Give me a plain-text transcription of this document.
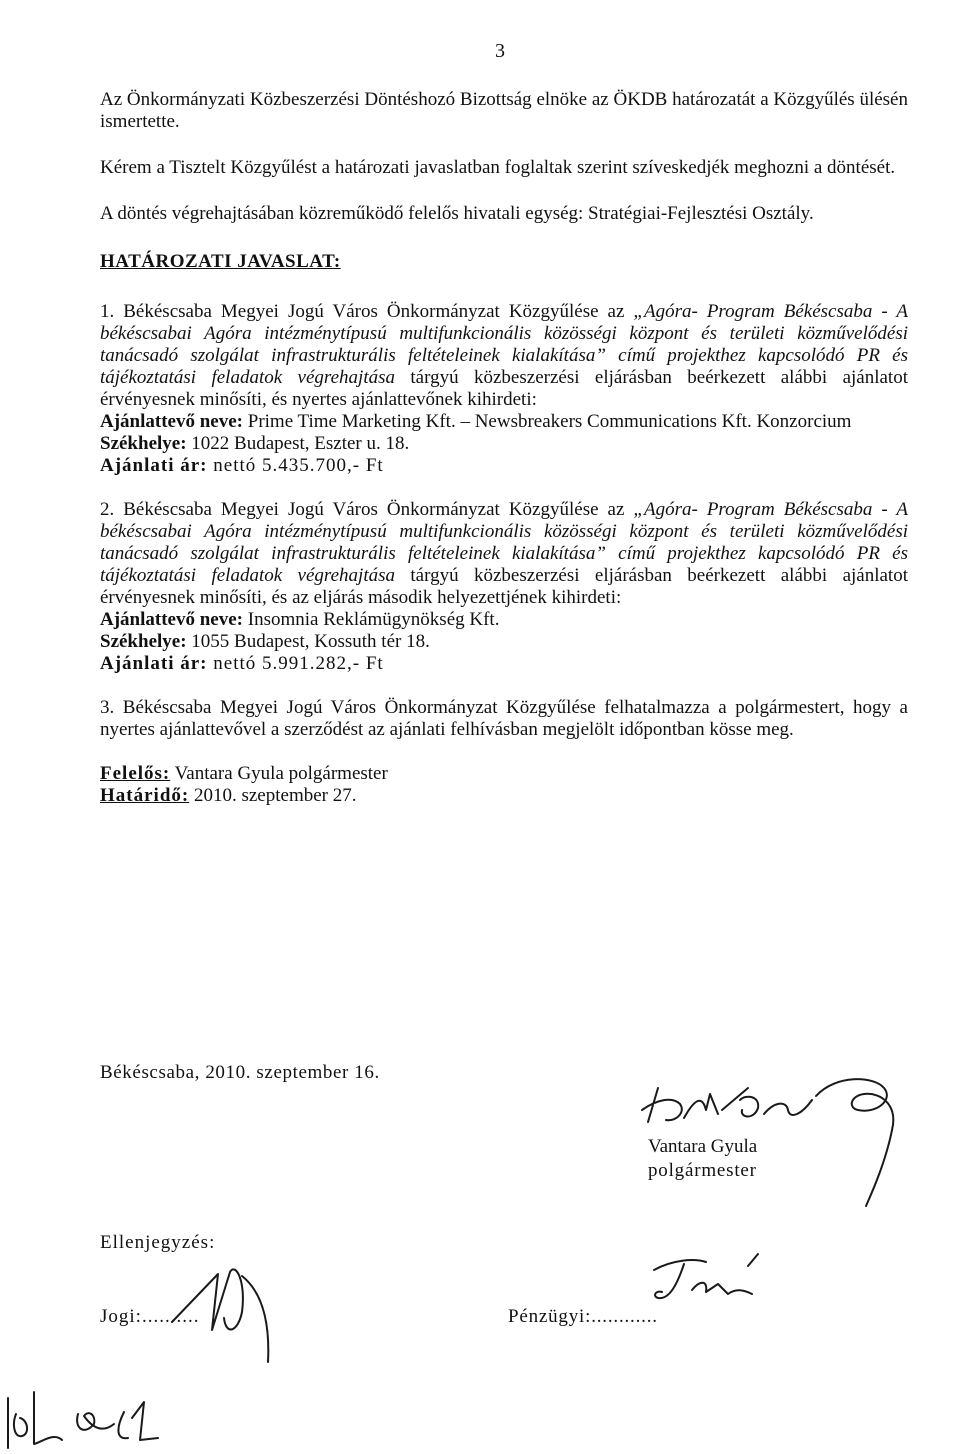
3

Az Önkormányzati Közbeszerzési Döntéshozó Bizottság elnöke az ÖKDB határozatát a Közgyűlés ülésén ismertette.

Kérem a Tisztelt Közgyűlést a határozati javaslatban foglaltak szerint szíveskedjék meghozni a döntését.

A döntés végrehajtásában közreműködő felelős hivatali egység: Stratégiai-Fejlesztési Osztály.

HATÁROZATI JAVASLAT:

1. Békéscsaba Megyei Jogú Város Önkormányzat Közgyűlése az „Agóra- Program Békéscsaba - A békéscsabai Agóra intézménytípusú multifunkcionális közösségi központ és területi közművelődési tanácsadó szolgálat infrastrukturális feltételeinek kialakítása” című projekthez kapcsolódó PR és tájékoztatási feladatok végrehajtása tárgyú közbeszerzési eljárásban beérkezett alábbi ajánlatot érvényesnek minősíti, és nyertes ajánlattevőnek kihirdeti:

Ajánlattevő neve: Prime Time Marketing Kft. – Newsbreakers Communications Kft. Konzorcium

Székhelye: 1022 Budapest, Eszter u. 18.

Ajánlati ár: nettó 5.435.700,- Ft

2. Békéscsaba Megyei Jogú Város Önkormányzat Közgyűlése az „Agóra- Program Békéscsaba - A békéscsabai Agóra intézménytípusú multifunkcionális közösségi központ és területi közművelődési tanácsadó szolgálat infrastrukturális feltételeinek kialakítása” című projekthez kapcsolódó PR és tájékoztatási feladatok végrehajtása tárgyú közbeszerzési eljárásban beérkezett alábbi ajánlatot érvényesnek minősíti, és az eljárás második helyezettjének kihirdeti:

Ajánlattevő neve: Insomnia Reklámügynökség Kft.

Székhelye: 1055 Budapest, Kossuth tér 18.

Ajánlati ár: nettó 5.991.282,- Ft

3. Békéscsaba Megyei Jogú Város Önkormányzat Közgyűlése felhatalmazza a polgármestert, hogy a nyertes ajánlattevővel a szerződést az ajánlati felhívásban megjelölt időpontban kösse meg.

Felelős: Vantara Gyula polgármester

Határidő: 2010. szeptember 27.

Békéscsaba, 2010. szeptember 16.
Vantara Gyula
polgármester
Ellenjegyzés:
Jogi:..........	Pénzügyi:............
